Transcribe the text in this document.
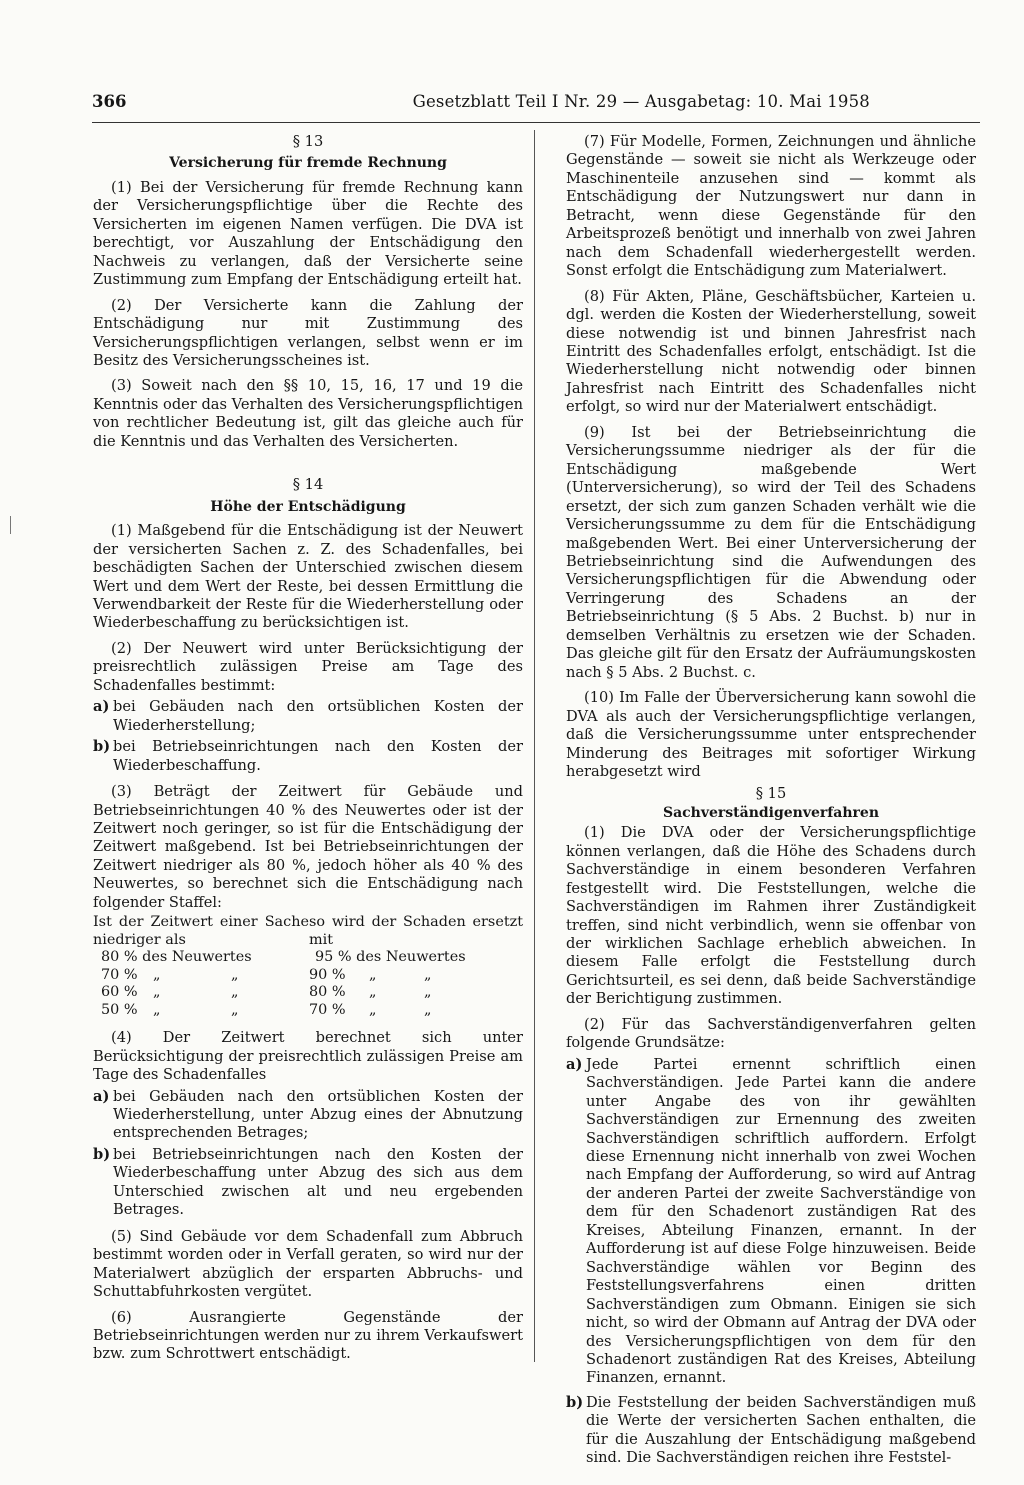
366	Gesetzblatt Teil I Nr. 29 — Ausgabetag: 10. Mai 1958
§ 13
Versicherung für fremde Rechnung

(1) Bei der Versicherung für fremde Rechnung kann der Versicherungspflichtige über die Rechte des Versicherten im eigenen Namen verfügen. Die DVA ist berechtigt, vor Auszahlung der Entschädigung den Nachweis zu verlangen, daß der Versicherte seine Zustimmung zum Empfang der Entschädigung erteilt hat.

(2) Der Versicherte kann die Zahlung der Entschädigung nur mit Zustimmung des Versicherungspflichtigen verlangen, selbst wenn er im Besitz des Versicherungsscheines ist.

(3) Soweit nach den §§ 10, 15, 16, 17 und 19 die Kenntnis oder das Verhalten des Versicherungspflichtigen von rechtlicher Bedeutung ist, gilt das gleiche auch für die Kenntnis und das Verhalten des Versicherten.

§ 14
Höhe der Entschädigung

(1) Maßgebend für die Entschädigung ist der Neuwert der versicherten Sachen z. Z. des Schadenfalles, bei beschädigten Sachen der Unterschied zwischen diesem Wert und dem Wert der Reste, bei dessen Ermittlung die Verwendbarkeit der Reste für die Wiederherstellung oder Wiederbeschaffung zu berücksichtigen ist.

(2) Der Neuwert wird unter Berücksichtigung der preisrechtlich zulässigen Preise am Tage des Schadenfalles bestimmt:

a) bei Gebäuden nach den ortsüblichen Kosten der Wiederherstellung;
b) bei Betriebseinrichtungen nach den Kosten der Wiederbeschaffung.

(3) Beträgt der Zeitwert für Gebäude und Betriebseinrichtungen 40 % des Neuwertes oder ist der Zeitwert noch geringer, so ist für die Entschädigung der Zeitwert maßgebend. Ist bei Betriebseinrichtungen der Zeitwert niedriger als 80 %, jedoch höher als 40 % des Neuwertes, so berechnet sich die Entschädigung nach folgender Staffel:

Ist der Zeitwert einer Sache niedriger als
so wird der Schaden ersetzt mit
80 % des Neuwertes	95 % des Neuwertes
70 %	„	„	90 %	„	„
60 %	„	„	80 %	„	„
50 %	„	„	70 %	„	„

(4) Der Zeitwert berechnet sich unter Berücksichtigung der preisrechtlich zulässigen Preise am Tage des Schadenfalles

a) bei Gebäuden nach den ortsüblichen Kosten der Wiederherstellung, unter Abzug eines der Abnutzung entsprechenden Betrages;
b) bei Betriebseinrichtungen nach den Kosten der Wiederbeschaffung unter Abzug des sich aus dem Unterschied zwischen alt und neu ergebenden Betrages.

(5) Sind Gebäude vor dem Schadenfall zum Abbruch bestimmt worden oder in Verfall geraten, so wird nur der Materialwert abzüglich der ersparten Abbruchs- und Schuttabfuhrkosten vergütet.

(6) Ausrangierte Gegenstände der Betriebseinrichtungen werden nur zu ihrem Verkaufswert bzw. zum Schrottwert entschädigt.

(7) Für Modelle, Formen, Zeichnungen und ähnliche Gegenstände — soweit sie nicht als Werkzeuge oder Maschinenteile anzusehen sind — kommt als Entschädigung der Nutzungswert nur dann in Betracht, wenn diese Gegenstände für den Arbeitsprozeß benötigt und innerhalb von zwei Jahren nach dem Schadenfall wiederhergestellt werden. Sonst erfolgt die Entschädigung zum Materialwert.

(8) Für Akten, Pläne, Geschäftsbücher, Karteien u. dgl. werden die Kosten der Wiederherstellung, soweit diese notwendig ist und binnen Jahresfrist nach Eintritt des Schadenfalles erfolgt, entschädigt. Ist die Wiederherstellung nicht notwendig oder binnen Jahresfrist nach Eintritt des Schadenfalles nicht erfolgt, so wird nur der Materialwert entschädigt.

(9) Ist bei der Betriebseinrichtung die Versicherungssumme niedriger als der für die Entschädigung maßgebende Wert (Unterversicherung), so wird der Teil des Schadens ersetzt, der sich zum ganzen Schaden verhält wie die Versicherungssumme zu dem für die Entschädigung maßgebenden Wert. Bei einer Unterversicherung der Betriebseinrichtung sind die Aufwendungen des Versicherungspflichtigen für die Abwendung oder Verringerung des Schadens an der Betriebseinrichtung (§ 5 Abs. 2 Buchst. b) nur in demselben Verhältnis zu ersetzen wie der Schaden. Das gleiche gilt für den Ersatz der Aufräumungskosten nach § 5 Abs. 2 Buchst. c.

(10) Im Falle der Überversicherung kann sowohl die DVA als auch der Versicherungspflichtige verlangen, daß die Versicherungssumme unter entsprechender Minderung des Beitrages mit sofortiger Wirkung herabgesetzt wird

§ 15
Sachverständigenverfahren

(1) Die DVA oder der Versicherungspflichtige können verlangen, daß die Höhe des Schadens durch Sachverständige in einem besonderen Verfahren festgestellt wird. Die Feststellungen, welche die Sachverständigen im Rahmen ihrer Zuständigkeit treffen, sind nicht verbindlich, wenn sie offenbar von der wirklichen Sachlage erheblich abweichen. In diesem Falle erfolgt die Feststellung durch Gerichtsurteil, es sei denn, daß beide Sachverständige der Berichtigung zustimmen.

(2) Für das Sachverständigenverfahren gelten folgende Grundsätze:

a) Jede Partei ernennt schriftlich einen Sachverständigen. Jede Partei kann die andere unter Angabe des von ihr gewählten Sachverständigen zur Ernennung des zweiten Sachverständigen schriftlich auffordern. Erfolgt diese Ernennung nicht innerhalb von zwei Wochen nach Empfang der Aufforderung, so wird auf Antrag der anderen Partei der zweite Sachverständige von dem für den Schadenort zuständigen Rat des Kreises, Abteilung Finanzen, ernannt. In der Aufforderung ist auf diese Folge hinzuweisen. Beide Sachverständige wählen vor Beginn des Feststellungsverfahrens einen dritten Sachverständigen zum Obmann. Einigen sie sich nicht, so wird der Obmann auf Antrag der DVA oder des Versicherungspflichtigen von dem für den Schadenort zuständigen Rat des Kreises, Abteilung Finanzen, ernannt.
b) Die Feststellung der beiden Sachverständigen muß die Werte der versicherten Sachen enthalten, die für die Auszahlung der Entschädigung maßgebend sind. Die Sachverständigen reichen ihre Feststel-
